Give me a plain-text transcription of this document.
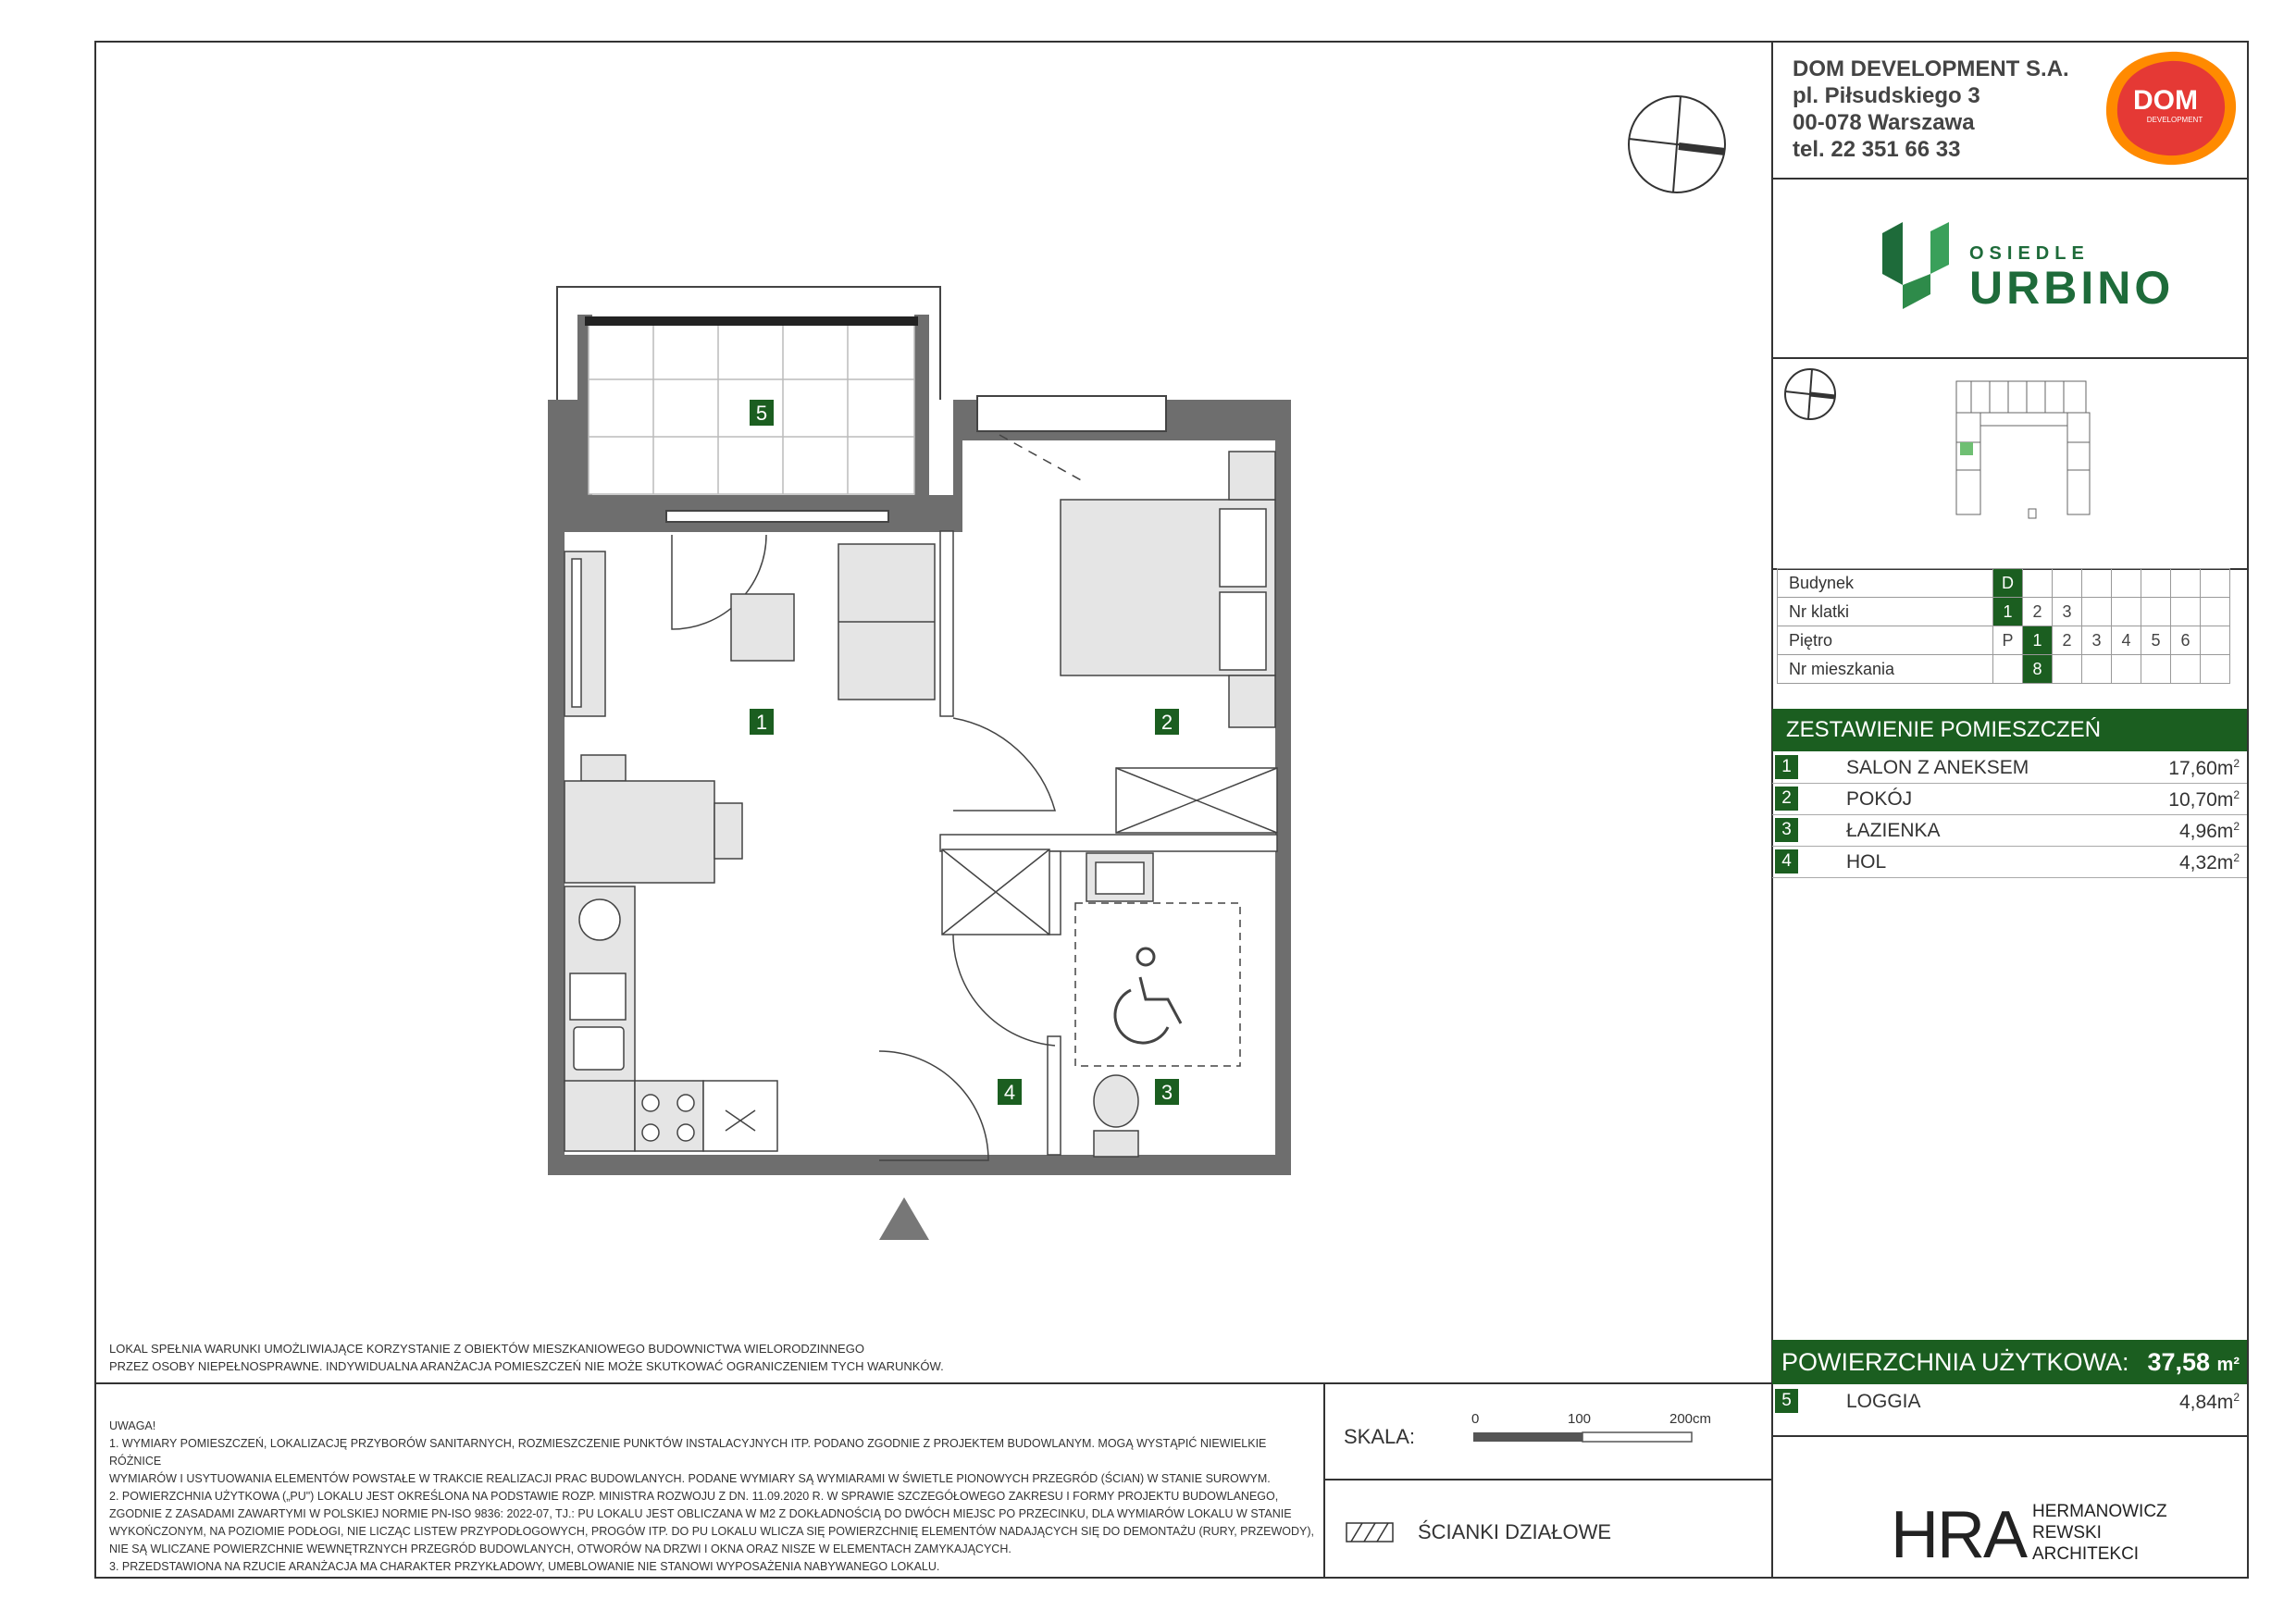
DOM DEVELOPMENT S.A.
pl. Piłsudskiego 3
00-078 Warszawa
tel. 22 351 66 33
DOM
DEVELOPMENT
OSIEDLE
URBINO
Budynek	D							
Nr klatki	1	2	3					
Piętro	P	1	2	3	4	5	6	
Nr mieszkania		8						
ZESTAWIENIE POMIESZCZEŃ
1	SALON Z ANEKSEM	$17,60m^2$
2	POKÓJ	$10,70m^2$
3	ŁAZIENKA	$4,96m^2$
4	HOL	$4,32m^2$
POWIERZCHNIA UŻYTKOWA: 37,58 m²
5	LOGGIA	$4,84m^2$
LOKAL SPEŁNIA WARUNKI UMOŻLIWIAJĄCE KORZYSTANIE Z OBIEKTÓW MIESZKANIOWEGO BUDOWNICTWA WIELORODZINNEGO
PRZEZ OSOBY NIEPEŁNOSPRAWNE. INDYWIDUALNA ARANŻACJA POMIESZCZEŃ NIE MOŻE SKUTKOWAĆ OGRANICZENIEM TYCH WARUNKÓW.
UWAGA!
1. WYMIARY POMIESZCZEŃ, LOKALIZACJĘ PRZYBORÓW SANITARNYCH, ROZMIESZCZENIE PUNKTÓW INSTALACYJNYCH ITP. PODANO ZGODNIE Z PROJEKTEM BUDOWLANYM. MOGĄ WYSTĄPIĆ NIEWIELKIE RÓŻNICE
WYMIARÓW I USYTUOWANIA ELEMENTÓW POWSTAŁE W TRAKCIE REALIZACJI PRAC BUDOWLANYCH. PODANE WYMIARY SĄ WYMIARAMI W ŚWIETLE PIONOWYCH PRZEGRÓD (ŚCIAN) W STANIE SUROWYM.
2. POWIERZCHNIA UŻYTKOWA („PU") LOKALU JEST OKREŚLONA NA PODSTAWIE ROZP. MINISTRA ROZWOJU Z DN. 11.09.2020 R. W SPRAWIE SZCZEGÓŁOWEGO ZAKRESU I FORMY PROJEKTU BUDOWLANEGO,
ZGODNIE Z ZASADAMI ZAWARTYMI W POLSKIEJ NORMIE PN-ISO 9836: 2022-07, TJ.: PU LOKALU JEST OBLICZANA W M2 Z DOKŁADNOŚCIĄ DO DWÓCH MIEJSC PO PRZECINKU, DLA WYMIARÓW LOKALU W STANIE
WYKOŃCZONYM, NA POZIOMIE PODŁOGI, NIE LICZĄC LISTEW PRZYPODŁOGOWYCH, PROGÓW ITP. DO PU LOKALU WLICZA SIĘ POWIERZCHNIĘ ELEMENTÓW NADAJĄCYCH SIĘ DO DEMONTAŻU (RURY, PRZEWODY),
NIE SĄ WLICZANE POWIERZCHNIE WEWNĘTRZNYCH PRZEGRÓD BUDOWLANYCH, OTWORÓW NA DRZWI I OKNA ORAZ NISZE W ELEMENTACH ZAMYKAJĄCYCH.
3. PRZEDSTAWIONA NA RZUCIE ARANŻACJA MA CHARAKTER PRZYKŁADOWY, UMEBLOWANIE NIE STANOWI WYPOSAŻENIA NABYWANEGO LOKALU.
SKALA:
0	100	200cm
ŚCIANKI DZIAŁOWE	HRA HERMANOWICZ
REWSKI
ARCHITEKCI
5
1	2
3
4
